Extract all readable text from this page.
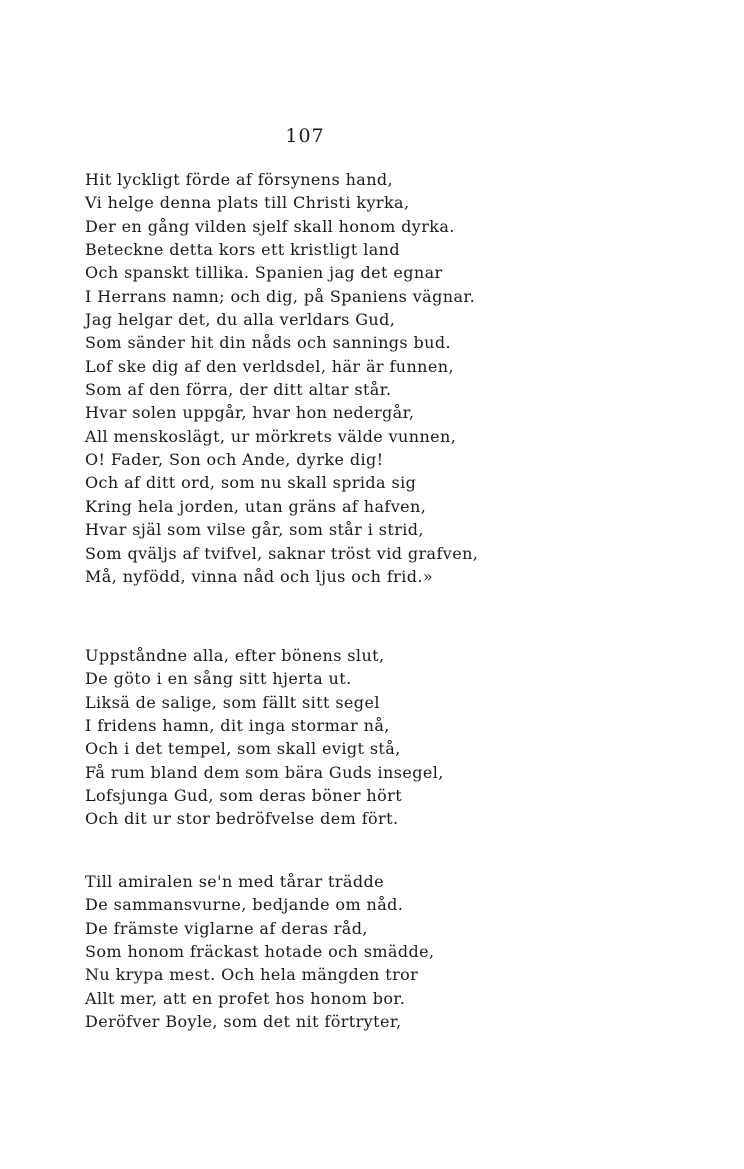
107
Hit lyckligt förde af försynens hand,
Vi helge denna plats till Christi kyrka,
Der en gång vilden sjelf skall honom dyrka.
Beteckne detta kors ett kristligt land
Och spanskt tillika. Spanien jag det egnar
I Herrans namn; och dig, på Spaniens vägnar.
Jag helgar det, du alla verldars Gud,
Som sänder hit din nåds och sannings bud.
Lof ske dig af den verldsdel, här är funnen,
Som af den förra, der ditt altar står.
Hvar solen uppgår, hvar hon nedergår,
All menskoslägt, ur mörkrets välde vunnen,
O! Fader, Son och Ande, dyrke dig!
Och af ditt ord, som nu skall sprida sig
Kring hela jorden, utan gräns af hafven,
Hvar själ som vilse går, som står i strid,
Som qväljs af tvifvel, saknar tröst vid grafven,
Må, nyfödd, vinna nåd och ljus och frid.»
Uppståndne alla, efter bönens slut,
De göto i en sång sitt hjerta ut.
Liksä de salige, som fällt sitt segel
I fridens hamn, dit inga stormar nå,
Och i det tempel, som skall evigt stå,
Få rum bland dem som bära Guds insegel,
Lofsjunga Gud, som deras böner hört
Och dit ur stor bedröfvelse dem fört.
Till amiralen se'n med tårar trädde
De sammansvurne, bedjande om nåd.
De främste viglarne af deras råd,
Som honom fräckast hotade och smädde,
Nu krypa mest. Och hela mängden tror
Allt mer, att en profet hos honom bor.
Deröfver Boyle, som det nit förtryter,
